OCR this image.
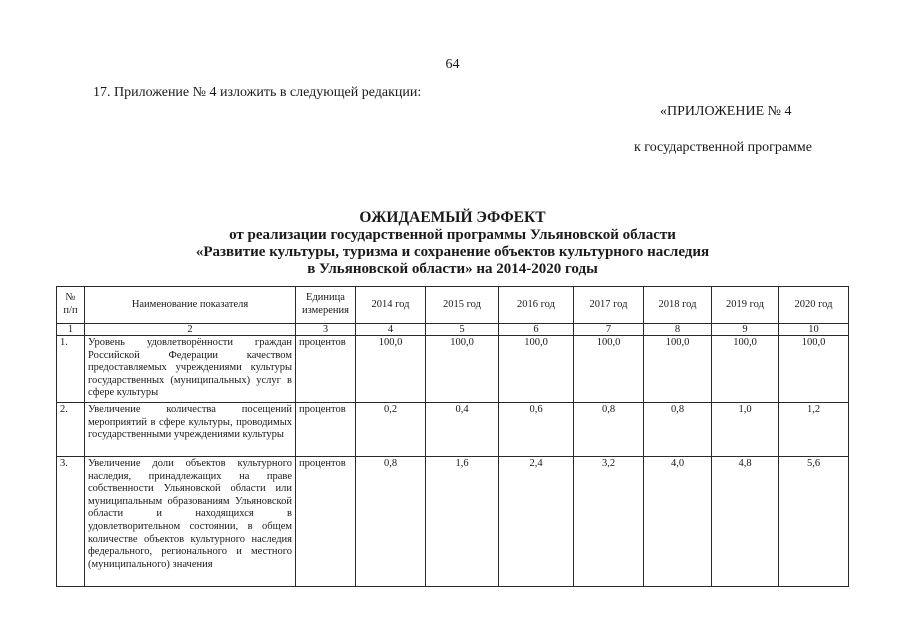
64
17. Приложение № 4 изложить в следующей редакции:
«ПРИЛОЖЕНИЕ № 4
к государственной программе
ОЖИДАЕМЫЙ ЭФФЕКТ
от реализации государственной программы Ульяновской области
«Развитие культуры, туризма и сохранение объектов культурного наследия
в Ульяновской области» на 2014-2020 годы
№ п/п	Наименование показателя	Единица измерения	2014 год	2015 год	2016 год	2017 год	2018 год	2019 год	2020 год
1	2	3	4	5	6	7	8	9	10
1.	Уровень удовлетворённости граждан Российской Федерации качеством предоставляемых учреждениями культуры государственных (муниципальных) услуг в сфере культуры	процентов	100,0	100,0	100,0	100,0	100,0	100,0	100,0
2.	Увеличение количества посещений мероприятий в сфере культуры, проводимых государственными учреждениями культуры	процентов	0,2	0,4	0,6	0,8	0,8	1,0	1,2
3.	Увеличение доли объектов культурного наследия, принадлежащих на праве собственности Ульяновской области или муниципальным образованиям Ульяновской области и находящихся в удовлетворительном состоянии, в общем количестве объектов культурного наследия федерального, регионального и местного (муниципального) значения	процентов	0,8	1,6	2,4	3,2	4,0	4,8	5,6
